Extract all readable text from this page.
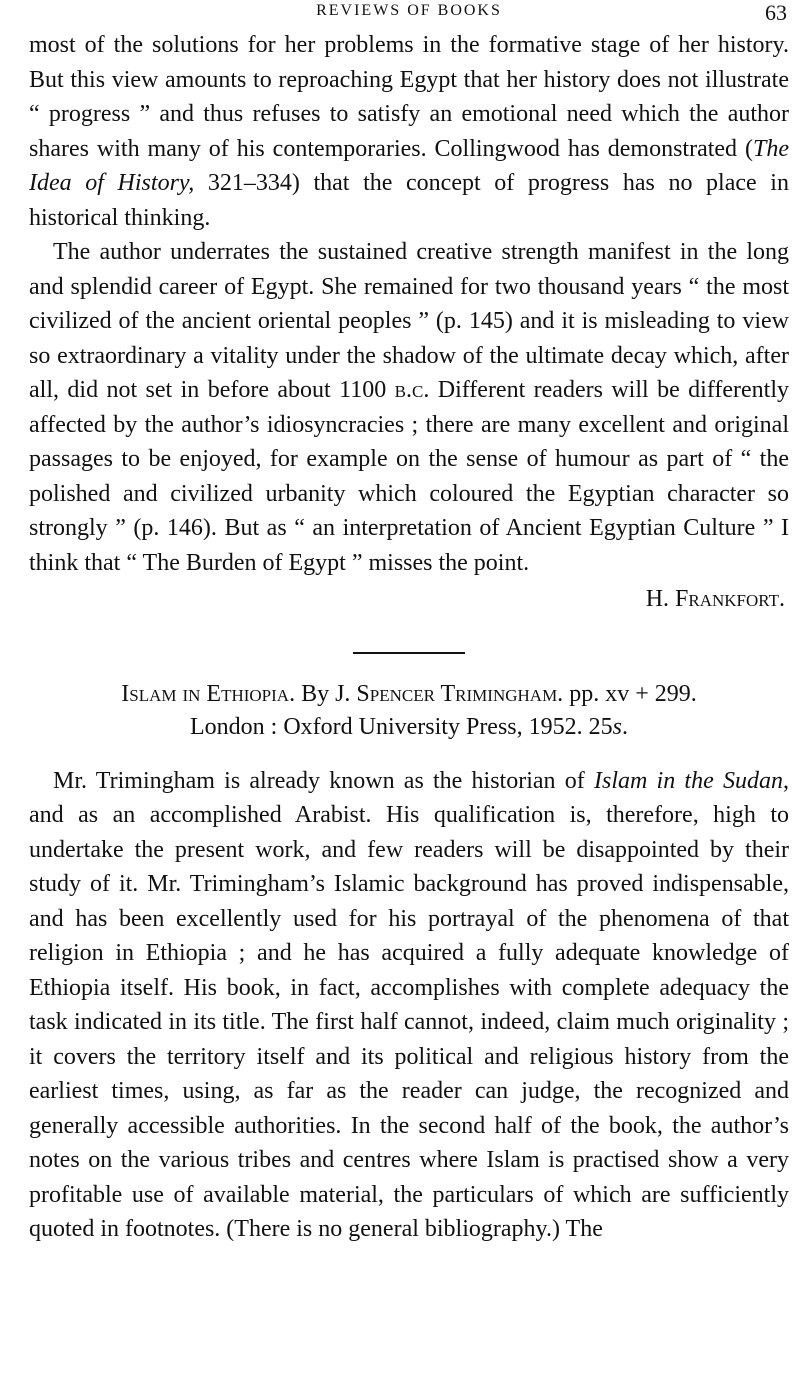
REVIEWS OF BOOKS	63

most of the solutions for her problems in the formative stage of her history. But this view amounts to reproaching Egypt that her history does not illustrate “ progress ” and thus refuses to satisfy an emotional need which the author shares with many of his contemporaries. Collingwood has demonstrated (The Idea of History, 321–334) that the concept of progress has no place in historical thinking.

The author underrates the sustained creative strength manifest in the long and splendid career of Egypt. She remained for two thousand years “ the most civilized of the ancient oriental peoples ” (p. 145) and it is misleading to view so extraordinary a vitality under the shadow of the ultimate decay which, after all, did not set in before about 1100 b.c. Different readers will be differently affected by the author’s idiosyncracies ; there are many excellent and original passages to be enjoyed, for example on the sense of humour as part of “ the polished and civilized urbanity which coloured the Egyptian character so strongly ” (p. 146). But as “ an interpretation of Ancient Egyptian Culture ” I think that “ The Burden of Egypt ” misses the point.

H. Frankfort.
Islam in Ethiopia. By J. Spencer Trimingham. pp. xv + 299.
London : Oxford University Press, 1952. 25s.

Mr. Trimingham is already known as the historian of Islam in the Sudan, and as an accomplished Arabist. His qualification is, therefore, high to undertake the present work, and few readers will be disappointed by their study of it. Mr. Trimingham’s Islamic background has proved indispensable, and has been excellently used for his portrayal of the phenomena of that religion in Ethiopia ; and he has acquired a fully adequate knowledge of Ethiopia itself. His book, in fact, accomplishes with complete adequacy the task indicated in its title. The first half cannot, indeed, claim much originality ; it covers the territory itself and its political and religious history from the earliest times, using, as far as the reader can judge, the recognized and generally accessible authorities. In the second half of the book, the author’s notes on the various tribes and centres where Islam is practised show a very profitable use of available material, the particulars of which are sufficiently quoted in footnotes. (There is no general bibliography.) The
